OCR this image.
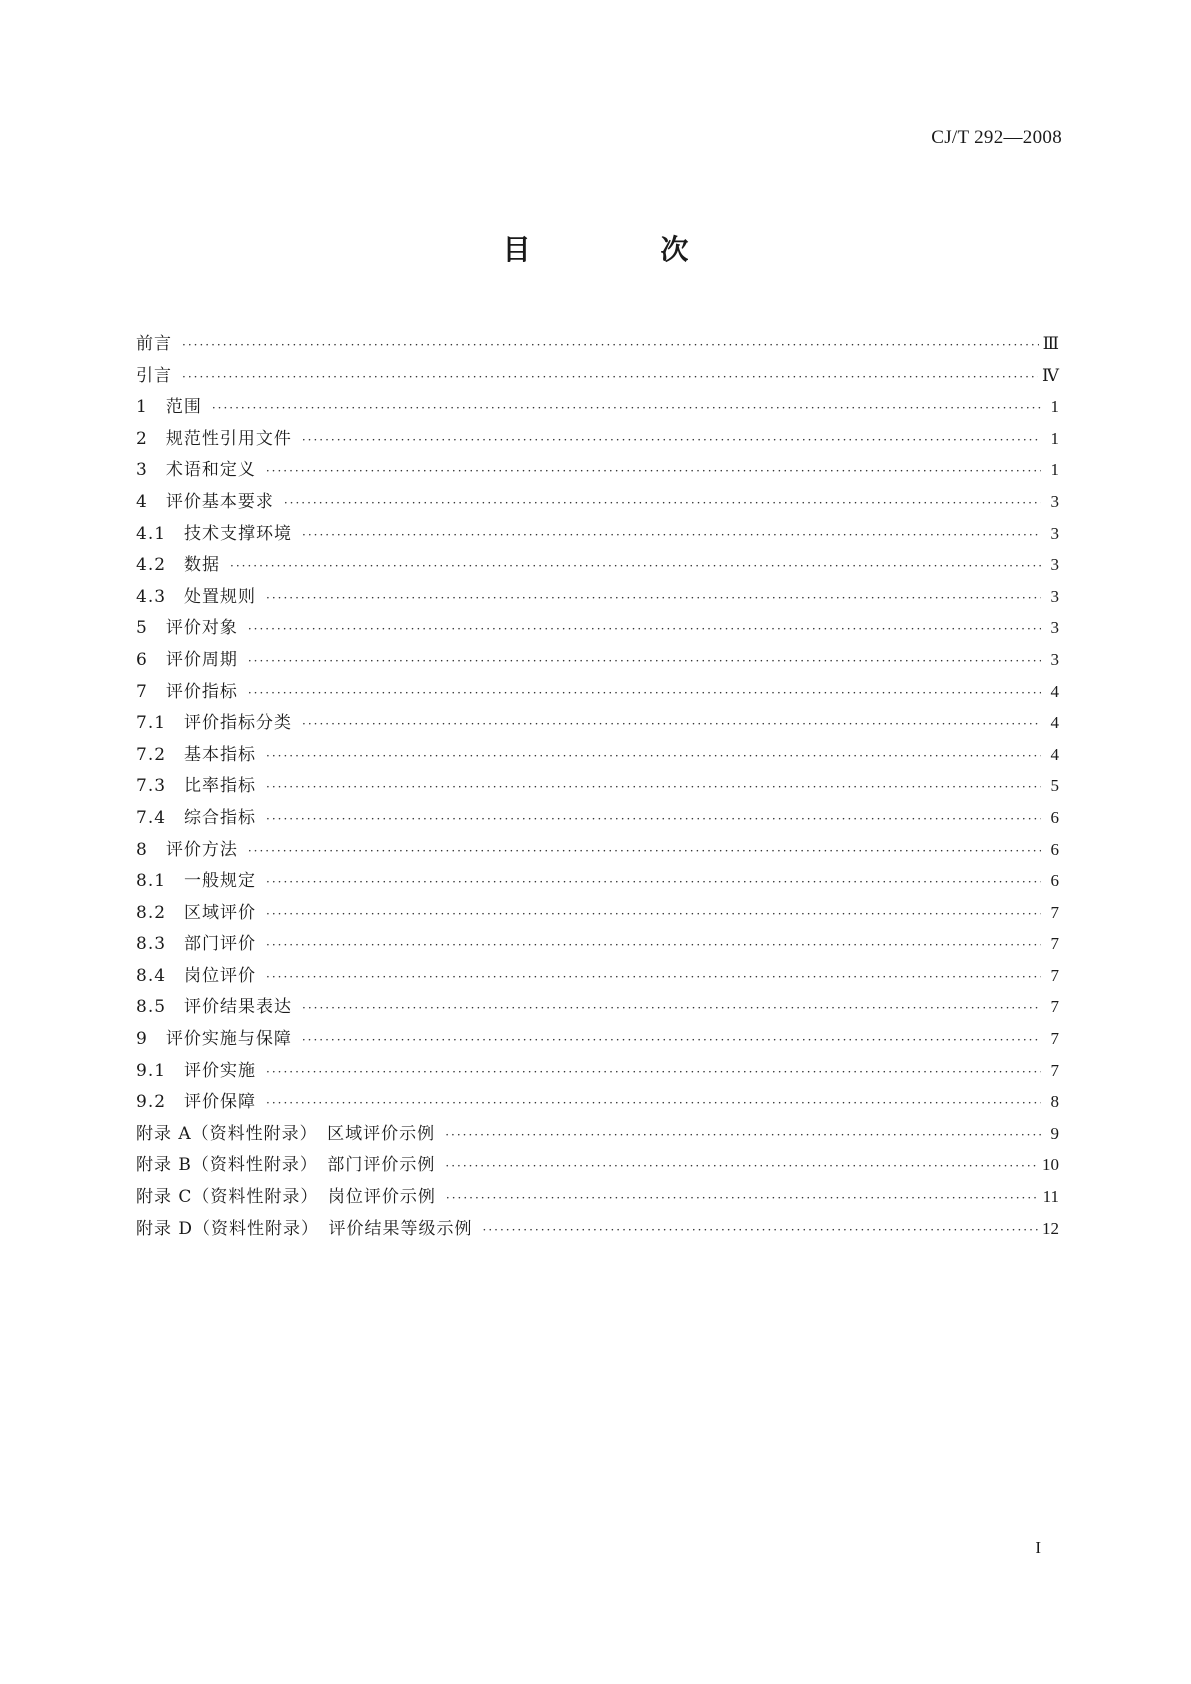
CJ/T 292—2008
目 次
前言 ·····	Ⅲ
引言 ·····	Ⅳ
1　范围 ·····	1
2　规范性引用文件 ·····	1
3　术语和定义 ·····	1
4　评价基本要求 ·····	3
4.1　技术支撑环境 ·····	3
4.2　数据 ·····	3
4.3　处置规则 ·····	3
5　评价对象 ·····	3
6　评价周期 ·····	3
7　评价指标 ·····	4
7.1　评价指标分类 ·····	4
7.2　基本指标 ·····	4
7.3　比率指标 ·····	5
7.4　综合指标 ·····	6
8　评价方法 ·····	6
8.1　一般规定 ·····	6
8.2　区域评价 ·····	7
8.3　部门评价 ·····	7
8.4　岗位评价 ·····	7
8.5　评价结果表达 ·····	7
9　评价实施与保障 ·····	7
9.1　评价实施 ·····	7
9.2　评价保障 ·····	8
附录 A（资料性附录）　区域评价示例 ·····	9
附录 B（资料性附录）　部门评价示例 ·····	10
附录 C（资料性附录）　岗位评价示例 ·····	11
附录 D（资料性附录）　评价结果等级示例 ·····	12
I
